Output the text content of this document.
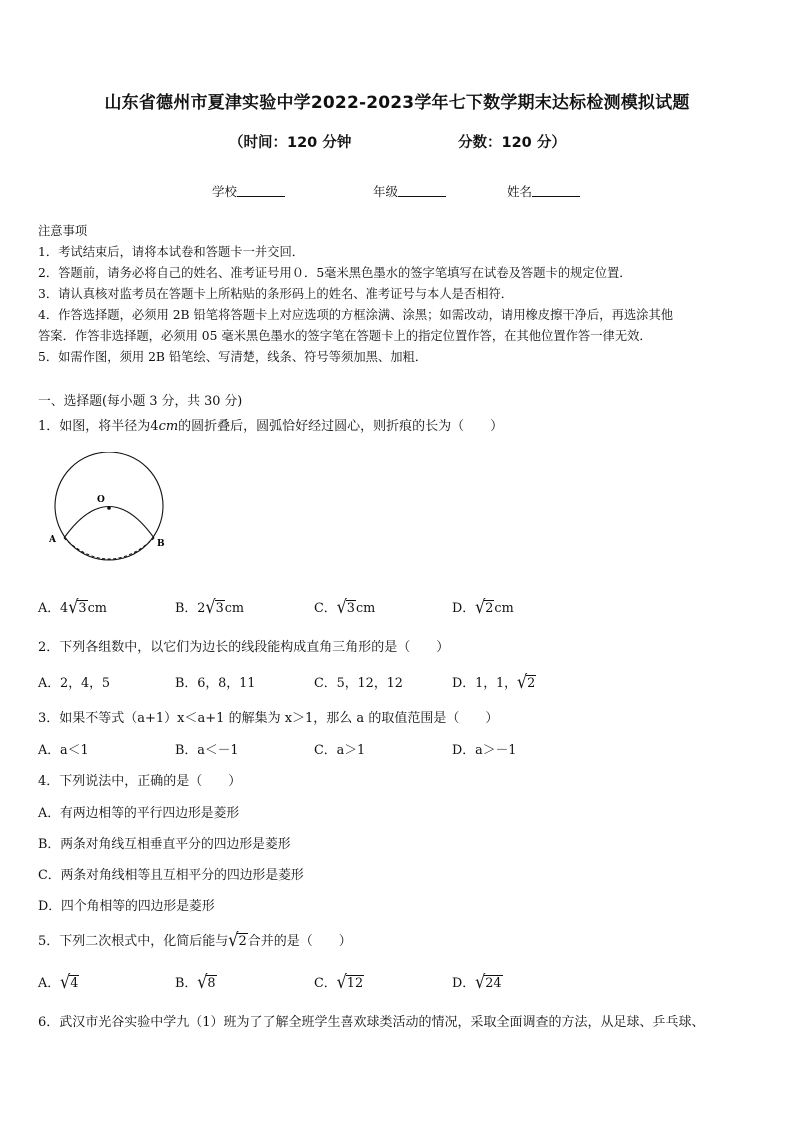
山东省德州市夏津实验中学2022-2023学年七下数学期末达标检测模拟试题
（时间：120 分钟	分数：120 分）
学校	年级	姓名
注意事项
1．考试结束后，请将本试卷和答题卡一并交回．
2．答题前，请务必将自己的姓名、准考证号用０．5毫米黑色墨水的签字笔填写在试卷及答题卡的规定位置．
3．请认真核对监考员在答题卡上所粘贴的条形码上的姓名、准考证号与本人是否相符．
4．作答选择题，必须用 2B 铅笔将答题卡上对应选项的方框涂满、涂黑；如需改动，请用橡皮擦干净后，再选涂其他
答案．作答非选择题，必须用 05 毫米黑色墨水的签字笔在答题卡上的指定位置作答，在其他位置作答一律无效．
5．如需作图，须用 2B 铅笔绘、写清楚，线条、符号等须加黑、加粗．
一、选择题(每小题 3 分，共 30 分)
1．如图，将半径为4cm的圆折叠后，圆弧恰好经过圆心，则折痕的长为（　　）
O
A	B
A．4√3cm	B．2√3cm	C．√3cm	D．√2cm
2．下列各组数中，以它们为边长的线段能构成直角三角形的是（　　）
A．2，4，5	B．6，8，11	C．5，12，12	D．1，1，√2
3．如果不等式（a+1）x＜a+1 的解集为 x＞1，那么 a 的取值范围是（　　）
A．a＜1	B．a＜－1	C．a＞1	D．a＞－1
4．下列说法中，正确的是（　　）
A．有两边相等的平行四边形是菱形
B．两条对角线互相垂直平分的四边形是菱形
C．两条对角线相等且互相平分的四边形是菱形
D．四个角相等的四边形是菱形
5．下列二次根式中，化简后能与√2合并的是（　　）
A．√4	B．√8	C．√12	D．√24
6．武汉市光谷实验中学九（1）班为了了解全班学生喜欢球类活动的情况，采取全面调查的方法，从足球、乒乓球、
